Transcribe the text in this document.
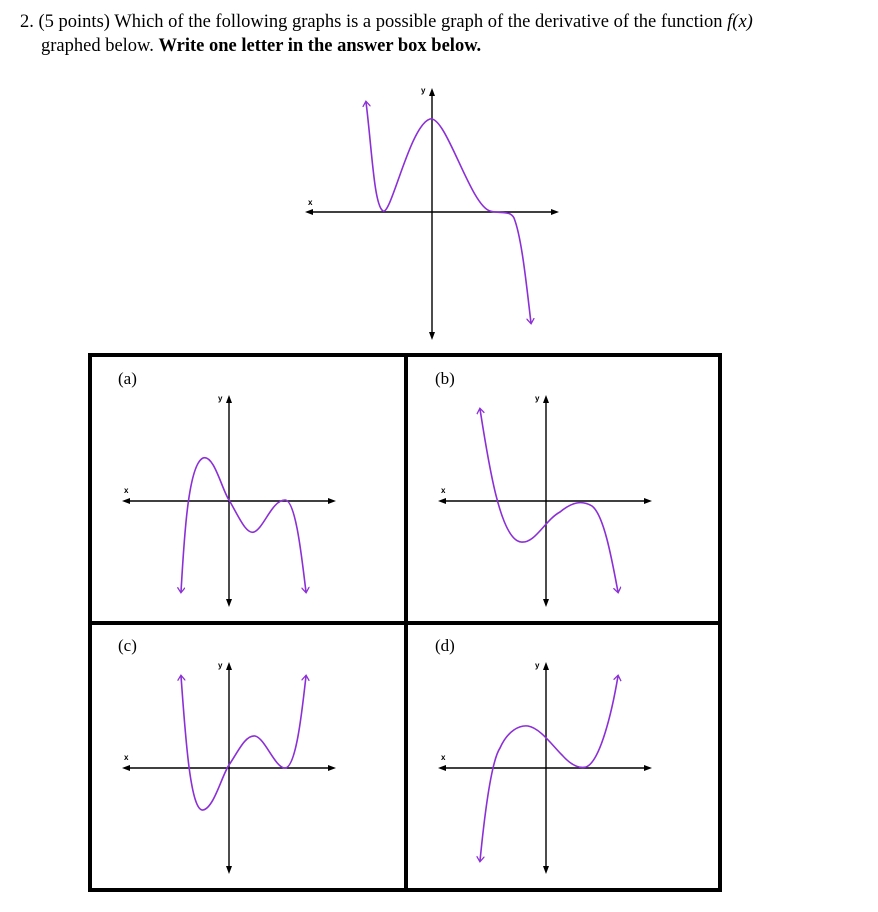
2. (5 points) Which of the following graphs is a possible graph of the derivative of the function f(x)
graphed below. Write one letter in the answer box below.
x
y
(a)
x
y
(b)
x
y
(c)
x
y
(d)
x
y
